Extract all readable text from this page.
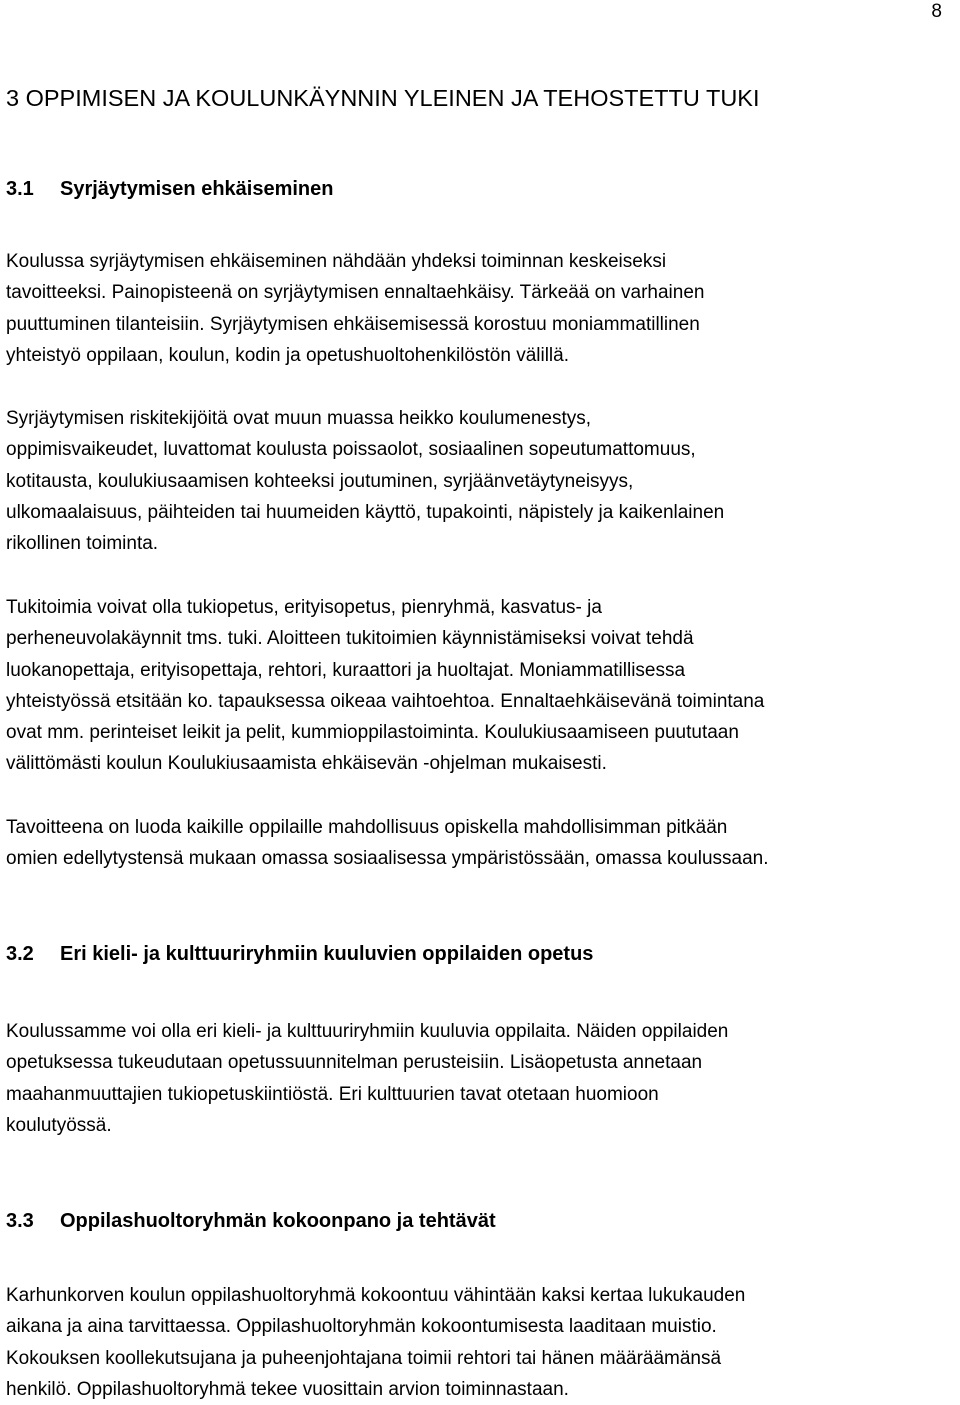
8
3 OPPIMISEN JA KOULUNKÄYNNIN YLEINEN JA TEHOSTETTU TUKI
3.1 Syrjäytymisen ehkäiseminen

Koulussa syrjäytymisen ehkäiseminen nähdään yhdeksi toiminnan keskeiseksi
tavoitteeksi. Painopisteenä on syrjäytymisen ennaltaehkäisy. Tärkeää on varhainen
puuttuminen tilanteisiin. Syrjäytymisen ehkäisemisessä korostuu moniammatillinen
yhteistyö oppilaan, koulun, kodin ja opetushuoltohenkilöstön välillä.

Syrjäytymisen riskitekijöitä ovat muun muassa heikko koulumenestys,
oppimisvaikeudet, luvattomat koulusta poissaolot, sosiaalinen sopeutumattomuus,
kotitausta, koulukiusaamisen kohteeksi joutuminen, syrjäänvetäytyneisyys,
ulkomaalaisuus, päihteiden tai huumeiden käyttö, tupakointi, näpistely ja kaikenlainen
rikollinen toiminta.

Tukitoimia voivat olla tukiopetus, erityisopetus, pienryhmä, kasvatus- ja
perheneuvolakäynnit tms. tuki. Aloitteen tukitoimien käynnistämiseksi voivat tehdä
luokanopettaja, erityisopettaja, rehtori, kuraattori ja huoltajat. Moniammatillisessa
yhteistyössä etsitään ko. tapauksessa oikeaa vaihtoehtoa. Ennaltaehkäisevänä toimintana
ovat mm. perinteiset leikit ja pelit, kummioppilastoiminta. Koulukiusaamiseen puututaan
välittömästi koulun Koulukiusaamista ehkäisevän -ohjelman mukaisesti.

Tavoitteena on luoda kaikille oppilaille mahdollisuus opiskella mahdollisimman pitkään
omien edellytystensä mukaan omassa sosiaalisessa ympäristössään, omassa koulussaan.

3.2 Eri kieli- ja kulttuuriryhmiin kuuluvien oppilaiden opetus

Koulussamme voi olla eri kieli- ja kulttuuriryhmiin kuuluvia oppilaita. Näiden oppilaiden
opetuksessa tukeudutaan opetussuunnitelman perusteisiin. Lisäopetusta annetaan
maahanmuuttajien tukiopetuskiintiöstä. Eri kulttuurien tavat otetaan huomioon
koulutyössä.

3.3 Oppilashuoltoryhmän kokoonpano ja tehtävät

Karhunkorven koulun oppilashuoltoryhmä kokoontuu vähintään kaksi kertaa lukukauden
aikana ja aina tarvittaessa. Oppilashuoltoryhmän kokoontumisesta laaditaan muistio.
Kokouksen koollekutsujana ja puheenjohtajana toimii rehtori tai hänen määräämänsä
henkilö. Oppilashuoltoryhmä tekee vuosittain arvion toiminnastaan.
